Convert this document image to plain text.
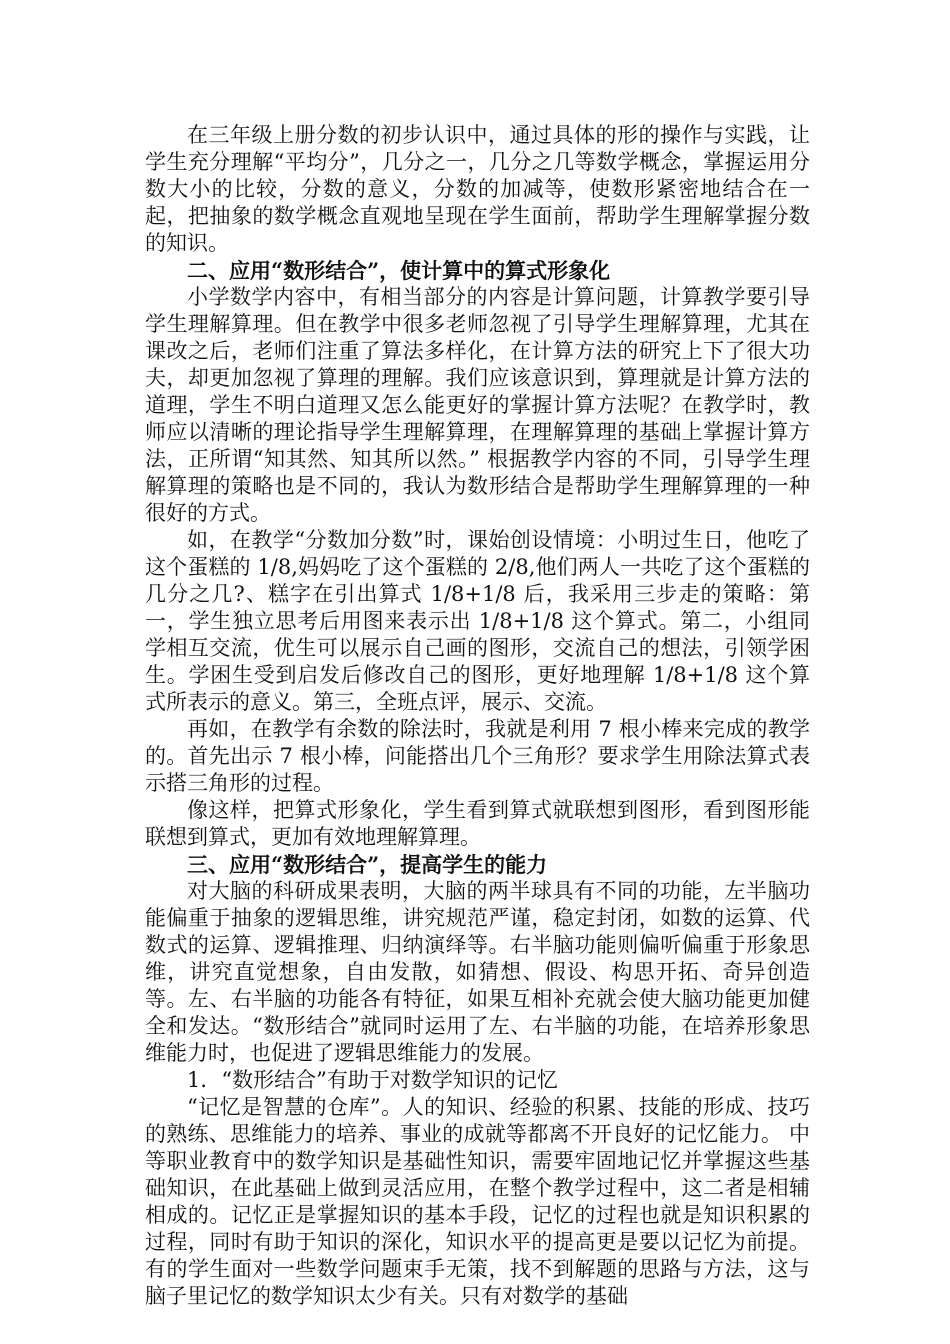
在三年级上册分数的初步认识中，通过具体的形的操作与实践，让学生充分理解“平均分”，几分之一，几分之几等数学概念，掌握运用分数大小的比较，分数的意义，分数的加减等，使数形紧密地结合在一起，把抽象的数学概念直观地呈现在学生面前，帮助学生理解掌握分数的知识。

二、应用“数形结合”，使计算中的算式形象化

小学数学内容中，有相当部分的内容是计算问题，计算教学要引导学生理解算理。但在教学中很多老师忽视了引导学生理解算理，尤其在课改之后，老师们注重了算法多样化，在计算方法的研究上下了很大功夫，却更加忽视了算理的理解。我们应该意识到，算理就是计算方法的道理，学生不明白道理又怎么能更好的掌握计算方法呢？在教学时，教师应以清晰的理论指导学生理解算理，在理解算理的基础上掌握计算方法，正所谓“知其然、知其所以然。” 根据教学内容的不同，引导学生理解算理的策略也是不同的，我认为数形结合是帮助学生理解算理的一种很好的方式。

如，在教学“分数加分数”时，课始创设情境：小明过生日，他吃了这个蛋糕的 1/8,妈妈吃了这个蛋糕的 2/8,他们两人一共吃了这个蛋糕的几分之几?、糕字在引出算式 1/8+1/8 后，我采用三步走的策略：第一，学生独立思考后用图来表示出 1/8+1/8 这个算式。第二，小组同学相互交流，优生可以展示自己画的图形，交流自己的想法，引领学困生。学困生受到启发后修改自己的图形，更好地理解 1/8+1/8 这个算式所表示的意义。第三，全班点评，展示、交流。

再如，在教学有余数的除法时，我就是利用 7 根小棒来完成的教学的。首先出示 7 根小棒，问能搭出几个三角形？要求学生用除法算式表示搭三角形的过程。

像这样，把算式形象化，学生看到算式就联想到图形，看到图形能联想到算式，更加有效地理解算理。

三、应用“数形结合”，提高学生的能力

对大脑的科研成果表明，大脑的两半球具有不同的功能，左半脑功能偏重于抽象的逻辑思维，讲究规范严谨，稳定封闭，如数的运算、代数式的运算、逻辑推理、归纳演绎等。右半脑功能则偏听偏重于形象思维，讲究直觉想象，自由发散，如猜想、假设、构思开拓、奇异创造等。左、右半脑的功能各有特征，如果互相补充就会使大脑功能更加健全和发达。“数形结合”就同时运用了左、右半脑的功能，在培养形象思维能力时，也促进了逻辑思维能力的发展。

1．“数形结合”有助于对数学知识的记忆

“记忆是智慧的仓库”。人的知识、经验的积累、技能的形成、技巧的熟练、思维能力的培养、事业的成就等都离不开良好的记忆能力。 中等职业教育中的数学知识是基础性知识，需要牢固地记忆并掌握这些基础知识，在此基础上做到灵活应用，在整个教学过程中，这二者是相辅相成的。记忆正是掌握知识的基本手段，记忆的过程也就是知识积累的过程，同时有助于知识的深化，知识水平的提高更是要以记忆为前提。有的学生面对一些数学问题束手无策，找不到解题的思路与方法，这与脑子里记忆的数学知识太少有关。只有对数学的基础
